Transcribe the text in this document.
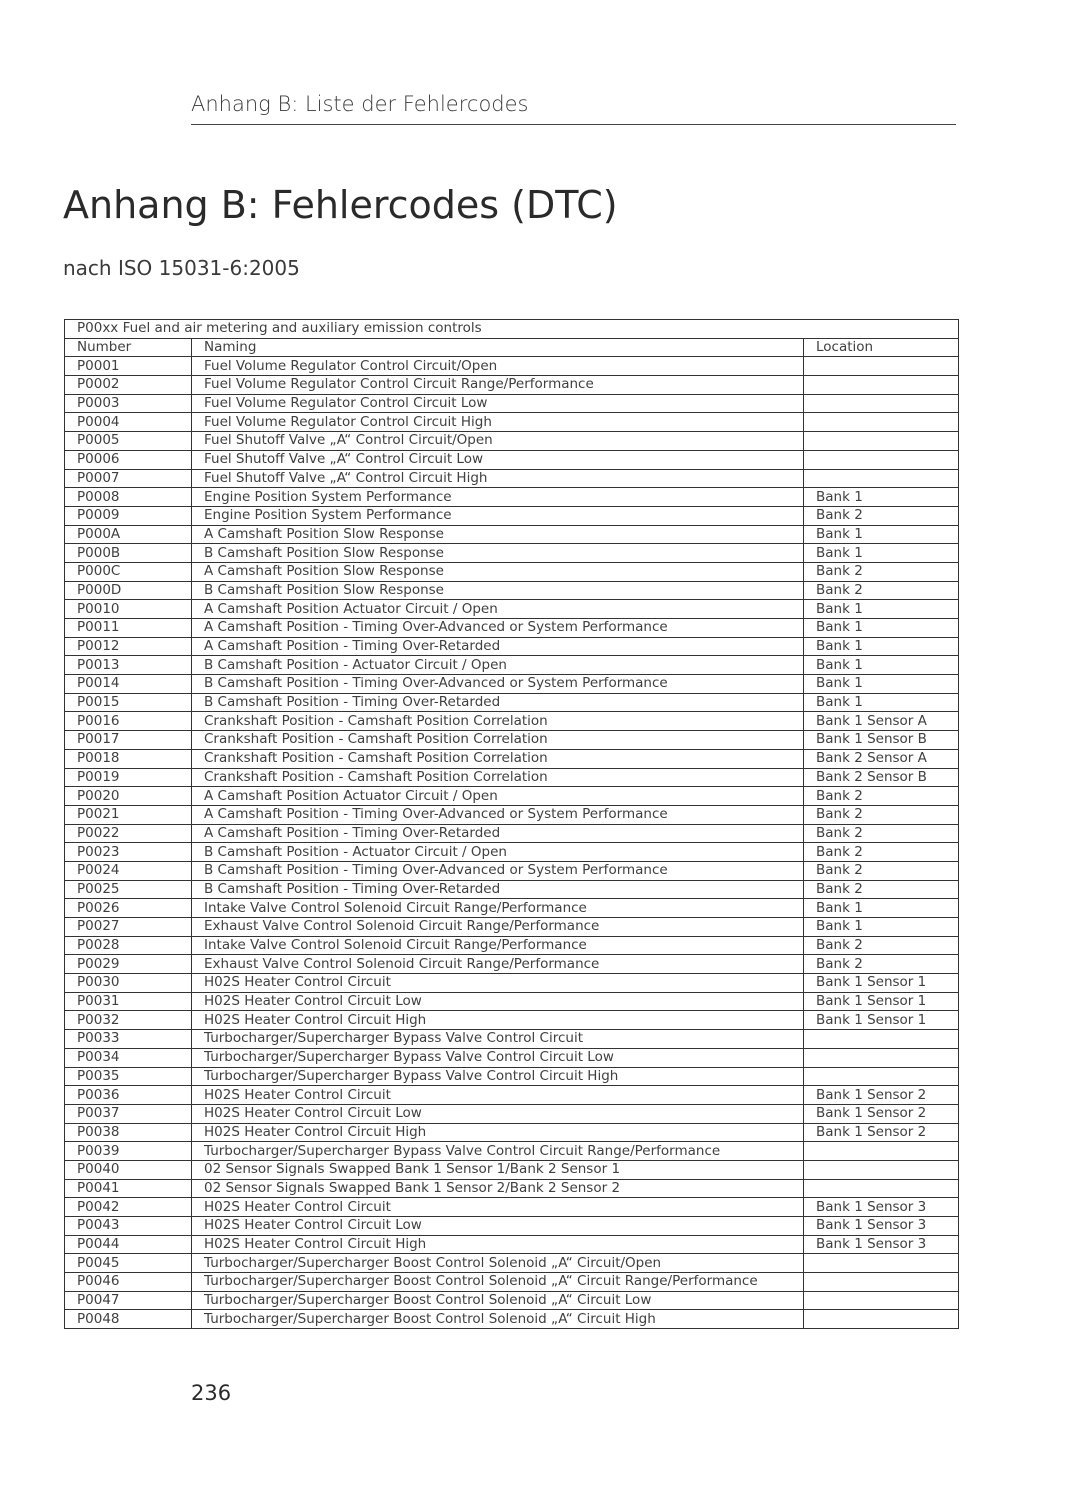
Anhang B: Liste der Fehlercodes
Anhang B: Fehlercodes (DTC)
nach ISO 15031-6:2005
P00xx Fuel and air metering and auxiliary emission controls		
Number	Naming	Location
P0001	Fuel Volume Regulator Control Circuit/Open	
P0002	Fuel Volume Regulator Control Circuit Range/Performance	
P0003	Fuel Volume Regulator Control Circuit Low	
P0004	Fuel Volume Regulator Control Circuit High	
P0005	Fuel Shutoff Valve „A“ Control Circuit/Open	
P0006	Fuel Shutoff Valve „A“ Control Circuit Low	
P0007	Fuel Shutoff Valve „A“ Control Circuit High	
P0008	Engine Position System Performance	Bank 1
P0009	Engine Position System Performance	Bank 2
P000A	A Camshaft Position Slow Response	Bank 1
P000B	B Camshaft Position Slow Response	Bank 1
P000C	A Camshaft Position Slow Response	Bank 2
P000D	B Camshaft Position Slow Response	Bank 2
P0010	A Camshaft Position Actuator Circuit / Open	Bank 1
P0011	A Camshaft Position - Timing Over-Advanced or System Performance	Bank 1
P0012	A Camshaft Position - Timing Over-Retarded	Bank 1
P0013	B Camshaft Position - Actuator Circuit / Open	Bank 1
P0014	B Camshaft Position - Timing Over-Advanced or System Performance	Bank 1
P0015	B Camshaft Position - Timing Over-Retarded	Bank 1
P0016	Crankshaft Position - Camshaft Position Correlation	Bank 1 Sensor A
P0017	Crankshaft Position - Camshaft Position Correlation	Bank 1 Sensor B
P0018	Crankshaft Position - Camshaft Position Correlation	Bank 2 Sensor A
P0019	Crankshaft Position - Camshaft Position Correlation	Bank 2 Sensor B
P0020	A Camshaft Position Actuator Circuit / Open	Bank 2
P0021	A Camshaft Position - Timing Over-Advanced or System Performance	Bank 2
P0022	A Camshaft Position - Timing Over-Retarded	Bank 2
P0023	B Camshaft Position - Actuator Circuit / Open	Bank 2
P0024	B Camshaft Position - Timing Over-Advanced or System Performance	Bank 2
P0025	B Camshaft Position - Timing Over-Retarded	Bank 2
P0026	Intake Valve Control Solenoid Circuit Range/Performance	Bank 1
P0027	Exhaust Valve Control Solenoid Circuit Range/Performance	Bank 1
P0028	Intake Valve Control Solenoid Circuit Range/Performance	Bank 2
P0029	Exhaust Valve Control Solenoid Circuit Range/Performance	Bank 2
P0030	H02S Heater Control Circuit	Bank 1 Sensor 1
P0031	H02S Heater Control Circuit Low	Bank 1 Sensor 1
P0032	H02S Heater Control Circuit High	Bank 1 Sensor 1
P0033	Turbocharger/Supercharger Bypass Valve Control Circuit	
P0034	Turbocharger/Supercharger Bypass Valve Control Circuit Low	
P0035	Turbocharger/Supercharger Bypass Valve Control Circuit High	
P0036	H02S Heater Control Circuit	Bank 1 Sensor 2
P0037	H02S Heater Control Circuit Low	Bank 1 Sensor 2
P0038	H02S Heater Control Circuit High	Bank 1 Sensor 2
P0039	Turbocharger/Supercharger Bypass Valve Control Circuit Range/Performance	
P0040	02 Sensor Signals Swapped Bank 1 Sensor 1/Bank 2 Sensor 1	
P0041	02 Sensor Signals Swapped Bank 1 Sensor 2/Bank 2 Sensor 2	
P0042	H02S Heater Control Circuit	Bank 1 Sensor 3
P0043	H02S Heater Control Circuit Low	Bank 1 Sensor 3
P0044	H02S Heater Control Circuit High	Bank 1 Sensor 3
P0045	Turbocharger/Supercharger Boost Control Solenoid „A“ Circuit/Open	
P0046	Turbocharger/Supercharger Boost Control Solenoid „A“ Circuit Range/Performance	
P0047	Turbocharger/Supercharger Boost Control Solenoid „A“ Circuit Low	
P0048	Turbocharger/Supercharger Boost Control Solenoid „A“ Circuit High	
236
